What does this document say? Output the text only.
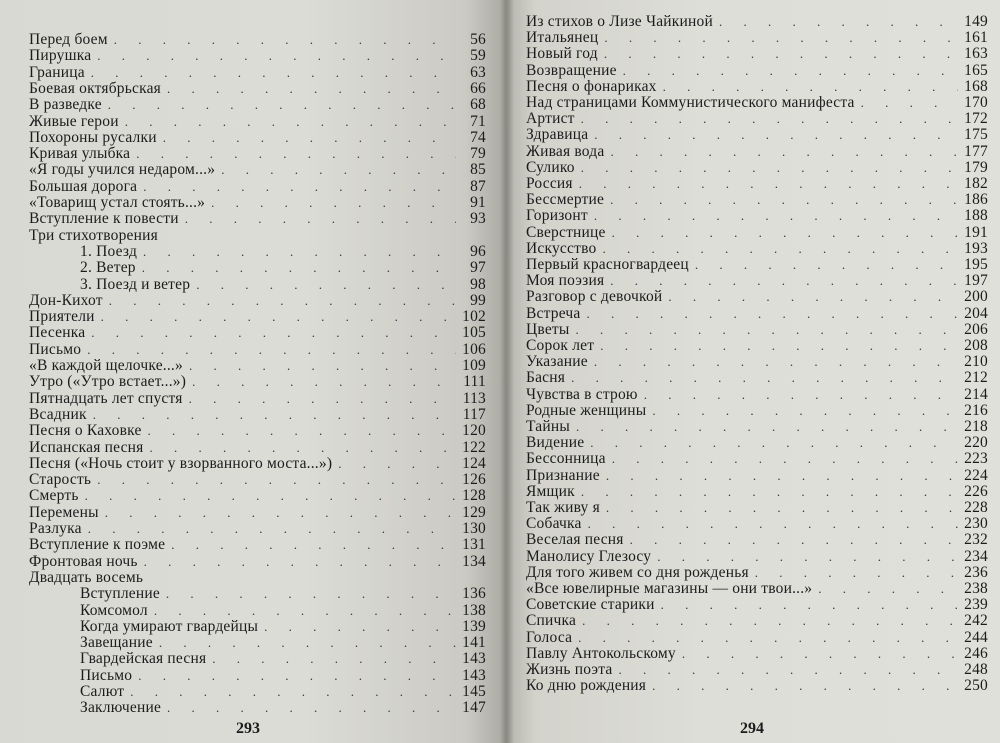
Перед боем . . .	56
Пирушка . . .	59
Граница . . .	63
Боевая октябрьская . . .	66
В разведке . . .	68
Живые герои . . .	71
Похороны русалки . . .	74
Кривая улыбка . . .	79
«Я годы учился недаром...» . . .	85
Большая дорога . . .	87
«Товарищ устал стоять...» . . .	91
Вступление к повести . . .	93
Три стихотворения
1. Поезд . . .	96
2. Ветер . . .	97
3. Поезд и ветер . . .	98
Дон-Кихот . . .	99
Приятели . . .	102
Песенка . . .	105
Письмо . . .	106
«В каждой щелочке...» . . .	109
Утро («Утро встает...») . . .	111
Пятнадцать лет спустя . . .	113
Всадник . . .	117
Песня о Каховке . . .	120
Испанская песня . . .	122
Песня («Ночь стоит у взорванного моста...») . . .	124
Старость . . .	126
Смерть . . .	128
Перемены . . .	129
Разлука . . .	130
Вступление к поэме . . .	131
Фронтовая ночь . . .	134
Двадцать восемь
Вступление . . .	136
Комсомол . . .	138
Когда умирают гвардейцы . . .	139
Завещание . . .	141
Гвардейская песня . . .	143
Письмо . . .	143
Салют . . .	145
Заключение . . .	147
293
Из стихов о Лизе Чайкиной . . .	149
Итальянец . . .	161
Новый год . . .	163
Возвращение . . .	165
Песня о фонариках . . .	168
Над страницами Коммунистического манифеста . . .	170
Артист . . .	172
Здравица . . .	175
Живая вода . . .	177
Сулико . . .	179
Россия . . .	182
Бессмертие . . .	186
Горизонт . . .	188
Сверстнице . . .	191
Искусство . . .	193
Первый красногвардеец . . .	195
Моя поэзия . . .	197
Разговор с девочкой . . .	200
Встреча . . .	204
Цветы . . .	206
Сорок лет . . .	208
Указание . . .	210
Басня . . .	212
Чувства в строю . . .	214
Родные женщины . . .	216
Тайны . . .	218
Видение . . .	220
Бессонница . . .	223
Признание . . .	224
Ямщик . . .	226
Так живу я . . .	228
Собачка . . .	230
Веселая песня . . .	232
Манолису Глезосу . . .	234
Для того живем со дня рожденья . . .	236
«Все ювелирные магазины — они твои...» . . .	238
Советские старики . . .	239
Спичка . . .	242
Голоса . . .	244
Павлу Антокольскому . . .	246
Жизнь поэта . . .	248
Ко дню рождения . . .	250
294
